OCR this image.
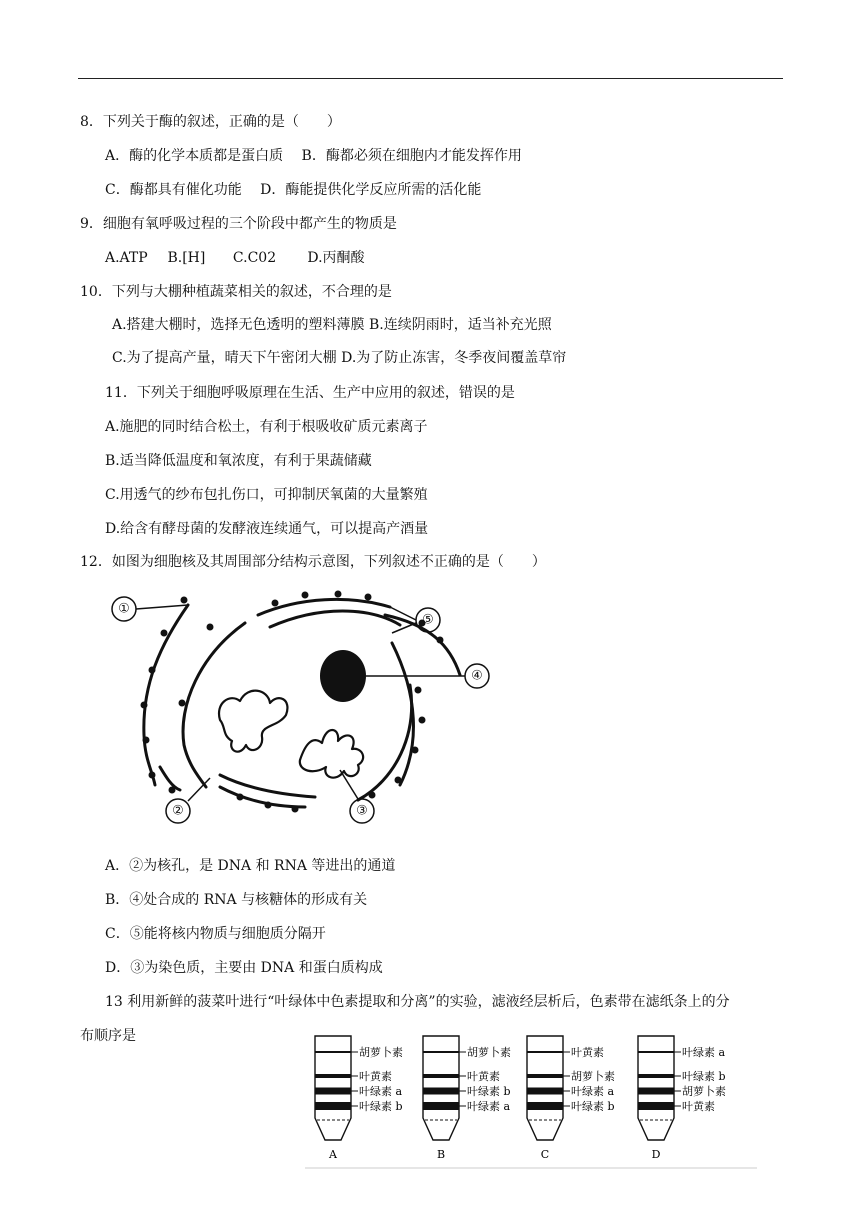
8．下列关于酶的叙述，正确的是（　　）
A．酶的化学本质都是蛋白质　 B．酶都必须在细胞内才能发挥作用
C．酶都具有催化功能　 D．酶能提供化学反应所需的活化能
9．细胞有氧呼吸过程的三个阶段中都产生的物质是
A.ATP B.[H] C.C02 D.丙酮酸
10．下列与大棚种植蔬菜相关的叙述，不合理的是
A.搭建大棚时，选择无色透明的塑料薄膜 B.连续阴雨时，适当补充光照
C.为了提高产量，晴天下午密闭大棚 D.为了防止冻害，冬季夜间覆盖草帘
11．下列关于细胞呼吸原理在生活、生产中应用的叙述，错误的是
A.施肥的同时结合松土，有利于根吸收矿质元素离子
B.适当降低温度和氧浓度，有利于果蔬储藏
C.用透气的纱布包扎伤口，可抑制厌氧菌的大量繁殖
D.给含有酵母菌的发酵液连续通气，可以提高产酒量
12．如图为细胞核及其周围部分结构示意图，下列叙述不正确的是（　　）
①
②	③
④
⑤
A．②为核孔，是 DNA 和 RNA 等进出的通道
B．④处合成的 RNA 与核糖体的形成有关
C．⑤能将核内物质与细胞质分隔开
D．③为染色质，主要由 DNA 和蛋白质构成
13 利用新鲜的菠菜叶进行“叶绿体中色素提取和分离”的实验，滤液经层析后，色素带在滤纸条上的分
布顺序是
胡萝卜素
叶黄素
叶绿素 a
叶绿素 b
A
胡萝卜素
叶黄素
叶绿素 b
叶绿素 a
B
叶黄素
胡萝卜素
叶绿素 a
叶绿素 b
C
叶绿素 a
叶绿素 b
胡萝卜素
叶黄素
D
